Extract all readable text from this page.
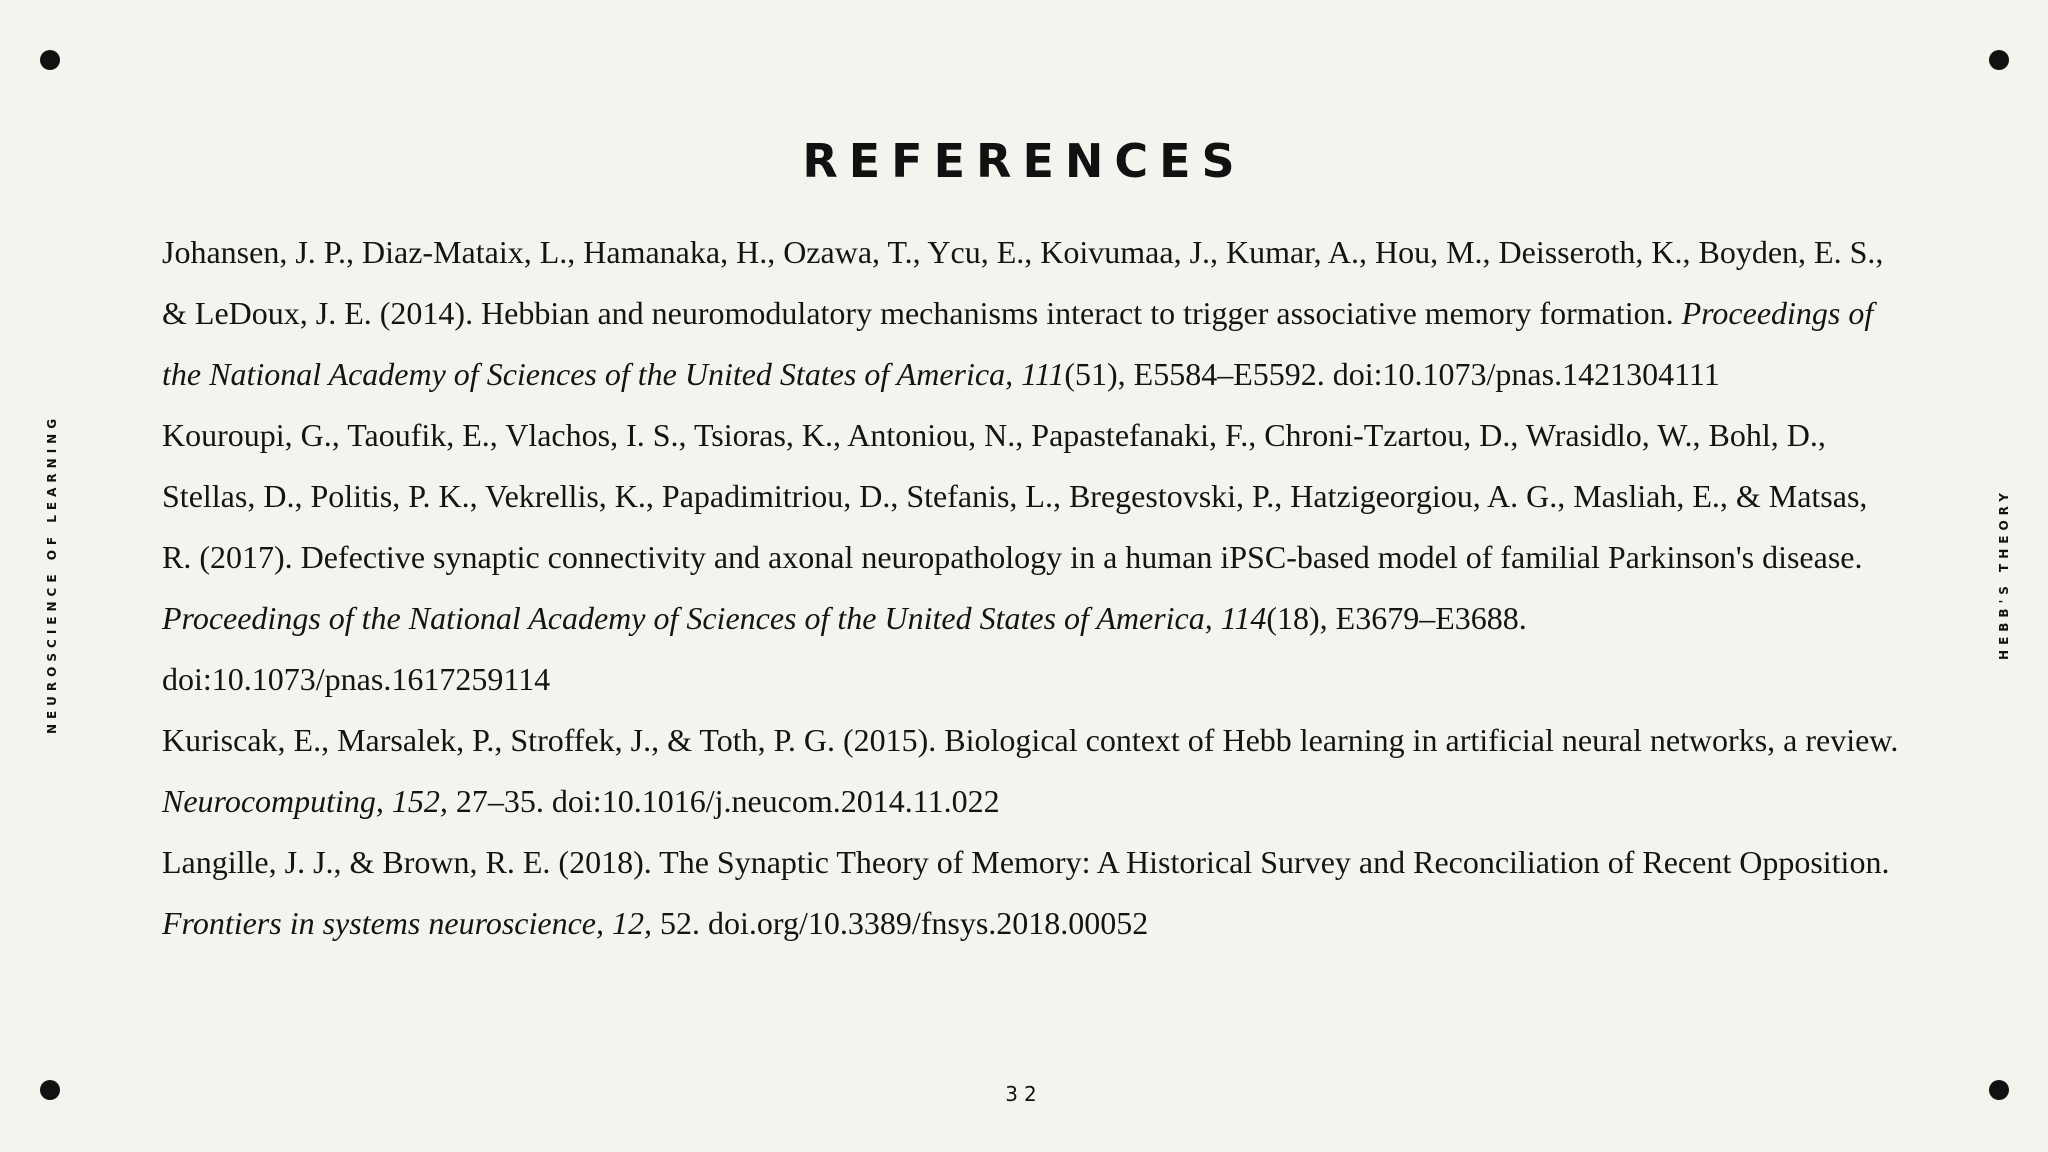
REFERENCES

Johansen, J. P., Diaz-Mataix, L., Hamanaka, H., Ozawa, T., Ycu, E., Koivumaa, J., Kumar, A., Hou, M., Deisseroth, K., Boyden, E. S., & LeDoux, J. E. (2014). Hebbian and neuromodulatory mechanisms interact to trigger associative memory formation. Proceedings of the National Academy of Sciences of the United States of America, 111(51), E5584–E5592. doi:10.1073/pnas.1421304111

Kouroupi, G., Taoufik, E., Vlachos, I. S., Tsioras, K., Antoniou, N., Papastefanaki, F., Chroni-Tzartou, D., Wrasidlo, W., Bohl, D., Stellas, D., Politis, P. K., Vekrellis, K., Papadimitriou, D., Stefanis, L., Bregestovski, P., Hatzigeorgiou, A. G., Masliah, E., & Matsas, R. (2017). Defective synaptic connectivity and axonal neuropathology in a human iPSC-based model of familial Parkinson's disease. Proceedings of the National Academy of Sciences of the United States of America, 114(18), E3679–E3688. doi:10.1073/pnas.1617259114

Kuriscak, E., Marsalek, P., Stroffek, J., & Toth, P. G. (2015). Biological context of Hebb learning in artificial neural networks, a review. Neurocomputing, 152, 27–35. doi:10.1016/j.neucom.2014.11.022

Langille, J. J., & Brown, R. E. (2018). The Synaptic Theory of Memory: A Historical Survey and Reconciliation of Recent Opposition. Frontiers in systems neuroscience, 12, 52. doi.org/10.3389/fnsys.2018.00052

NEUROSCIENCE OF LEARNING	HEBB'S THEORY
32
